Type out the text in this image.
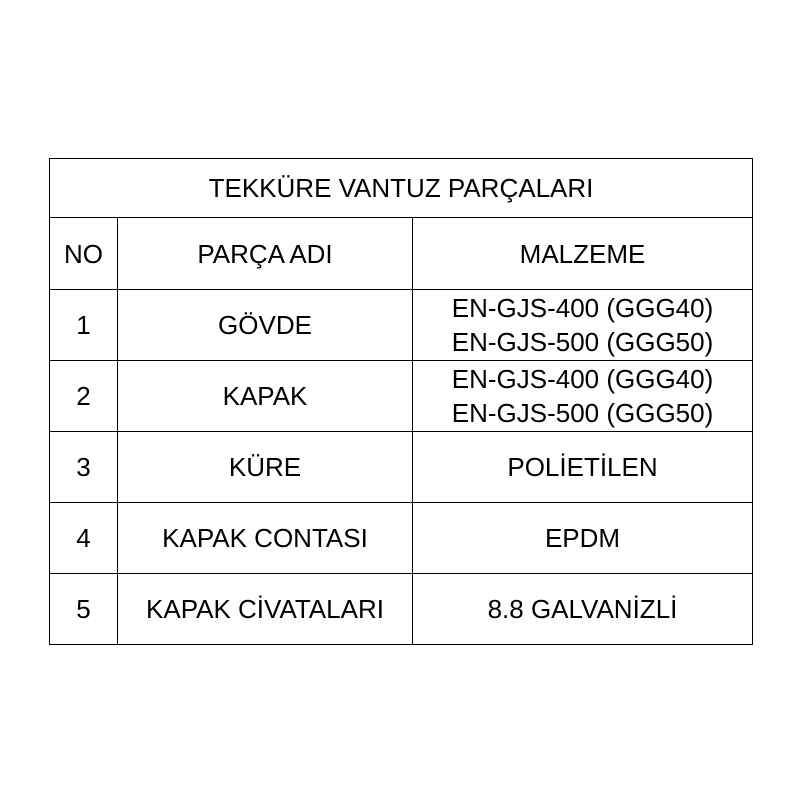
TEKKÜRE VANTUZ PARÇALARI		
NO	PARÇA ADI	MALZEME
1	GÖVDE	EN-GJS-400 (GGG40)
EN-GJS-500 (GGG50)

2	KAPAK	EN-GJS-400 (GGG40)
EN-GJS-500 (GGG50)

3	KÜRE	POLİETİLEN
4	KAPAK CONTASI	EPDM
5	KAPAK CİVATALARI	8.8 GALVANİZLİ
